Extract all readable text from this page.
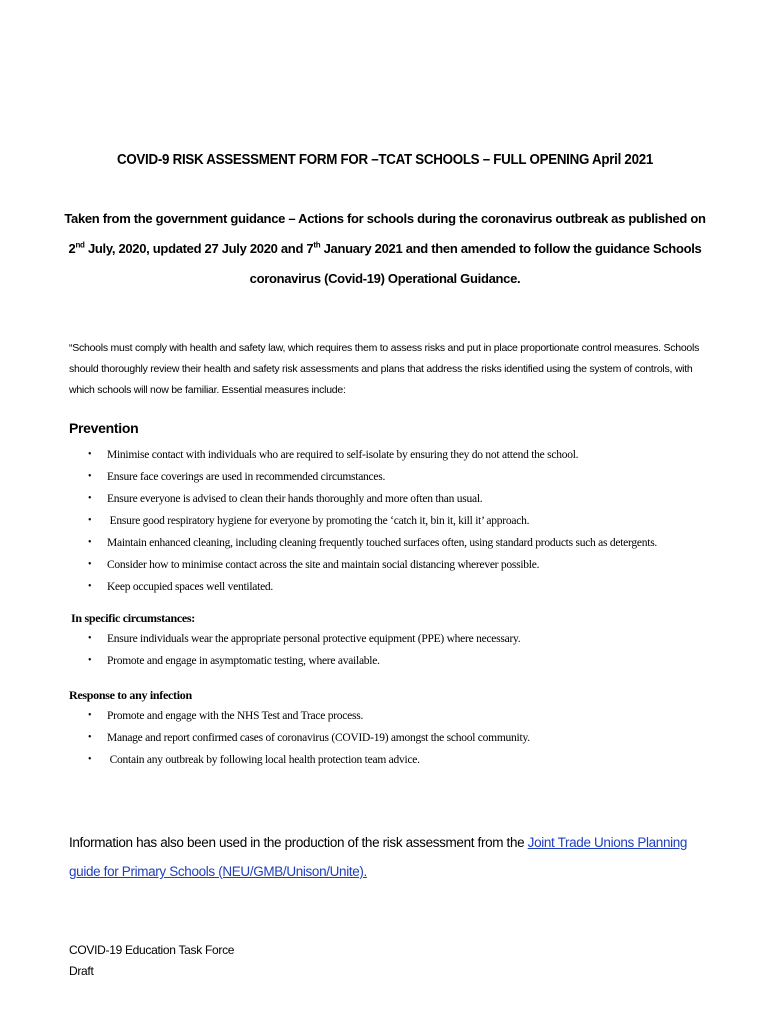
COVID-9 RISK ASSESSMENT FORM FOR –TCAT SCHOOLS – FULL OPENING April 2021
Taken from the government guidance – Actions for schools during the coronavirus outbreak as published on 2nd July, 2020, updated 27 July 2020 and 7th January 2021 and then amended to follow the guidance Schools coronavirus (Covid-19) Operational Guidance.
“Schools must comply with health and safety law, which requires them to assess risks and put in place proportionate control measures. Schools should thoroughly review their health and safety risk assessments and plans that address the risks identified using the system of controls, with which schools will now be familiar. Essential measures include:
Prevention
•	Minimise contact with individuals who are required to self-isolate by ensuring they do not attend the school.
•	Ensure face coverings are used in recommended circumstances.
•	Ensure everyone is advised to clean their hands thoroughly and more often than usual.
•	Ensure good respiratory hygiene for everyone by promoting the ‘catch it, bin it, kill it’ approach.
•	Maintain enhanced cleaning, including cleaning frequently touched surfaces often, using standard products such as detergents.
•	Consider how to minimise contact across the site and maintain social distancing wherever possible.
•	Keep occupied spaces well ventilated.
In specific circumstances:
•	Ensure individuals wear the appropriate personal protective equipment (PPE) where necessary.
•	Promote and engage in asymptomatic testing, where available.
Response to any infection
•	Promote and engage with the NHS Test and Trace process.
•	Manage and report confirmed cases of coronavirus (COVID-19) amongst the school community.
•	Contain any outbreak by following local health protection team advice.
Information has also been used in the production of the risk assessment from the Joint Trade Unions Planning guide for Primary Schools (NEU/GMB/Unison/Unite).
COVID-19 Education Task Force
Draft
